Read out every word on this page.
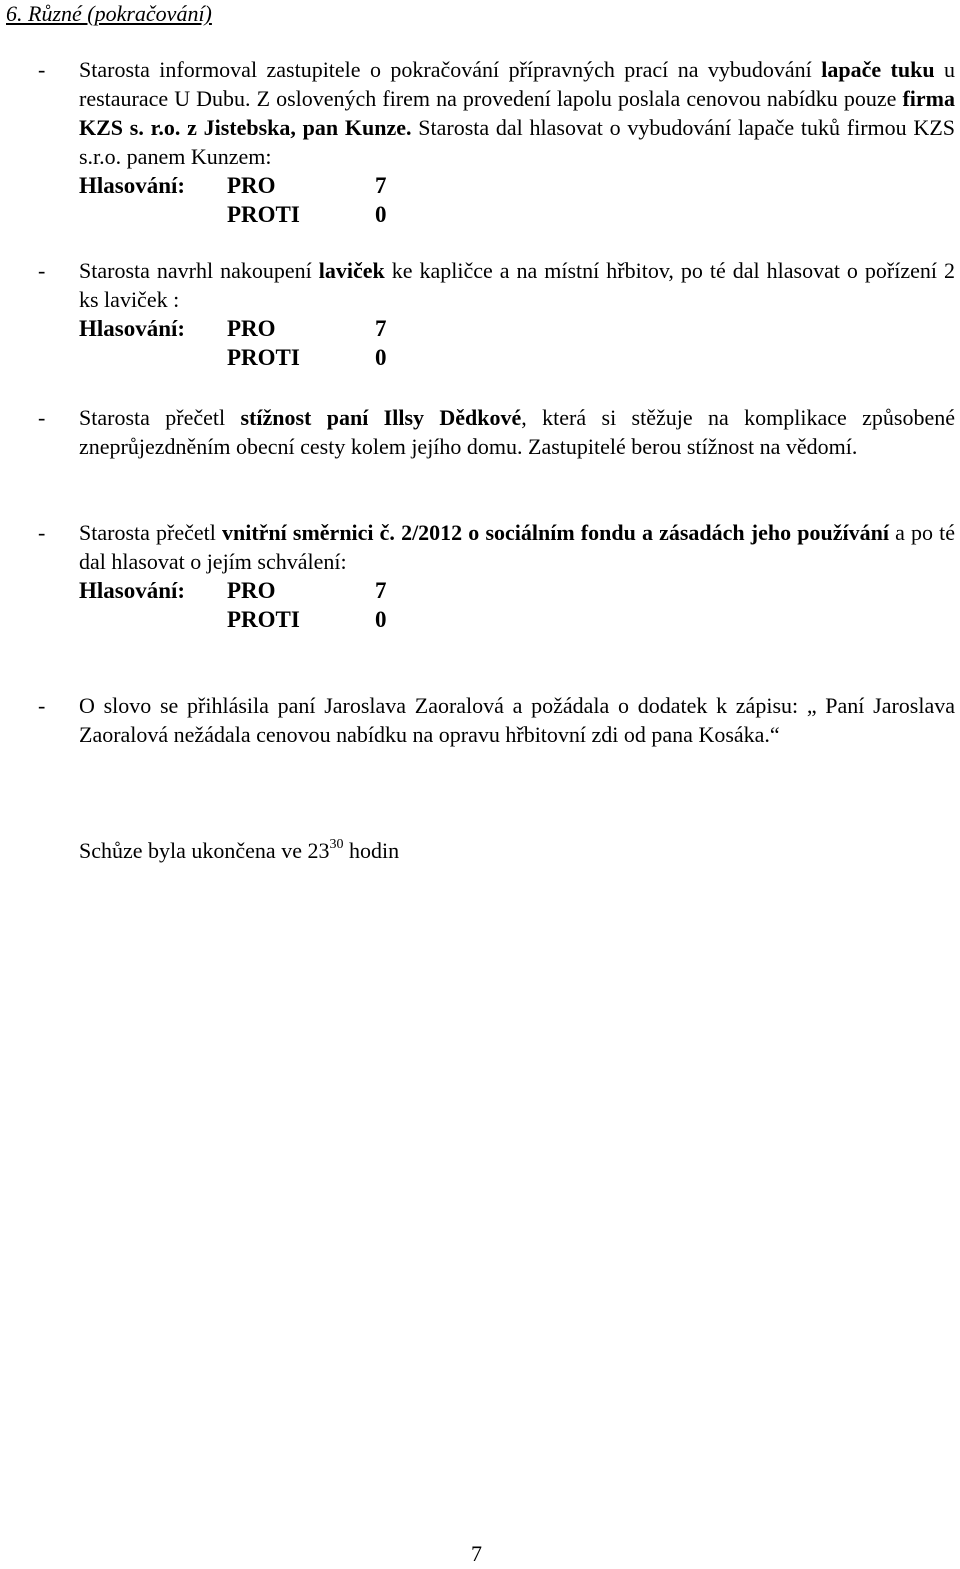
6. Různé (pokračování)
- Starosta informoval zastupitele o pokračování přípravných prací na vybudování lapače tuku u restaurace U Dubu. Z oslovených firem na provedení lapolu poslala cenovou nabídku pouze firma KZS s. r.o. z Jistebska, pan Kunze. Starosta dal hlasovat o vybudování lapače tuků firmou KZS s.r.o. panem Kunzem:
Hlasování: PRO	7
PROTI	0
- Starosta navrhl nakoupení laviček ke kapličce a na místní hřbitov, po té dal hlasovat o pořízení 2 ks laviček :
Hlasování: PRO	7
PROTI	0
- Starosta přečetl stížnost paní Illsy Dědkové, která si stěžuje na komplikace způsobené zneprůjezdněním obecní cesty kolem jejího domu. Zastupitelé berou stížnost na vědomí.
- Starosta přečetl vnitřní směrnici č. 2/2012 o sociálním fondu a zásadách jeho používání a po té dal hlasovat o jejím schválení:
Hlasování: PRO	7
PROTI	0
- O slovo se přihlásila paní Jaroslava Zaoralová a požádala o dodatek k zápisu: „ Paní Jaroslava Zaoralová nežádala cenovou nabídku na opravu hřbitovní zdi od pana Kosáka.“
Schůze byla ukončena ve $23^{30}$ hodin
7
